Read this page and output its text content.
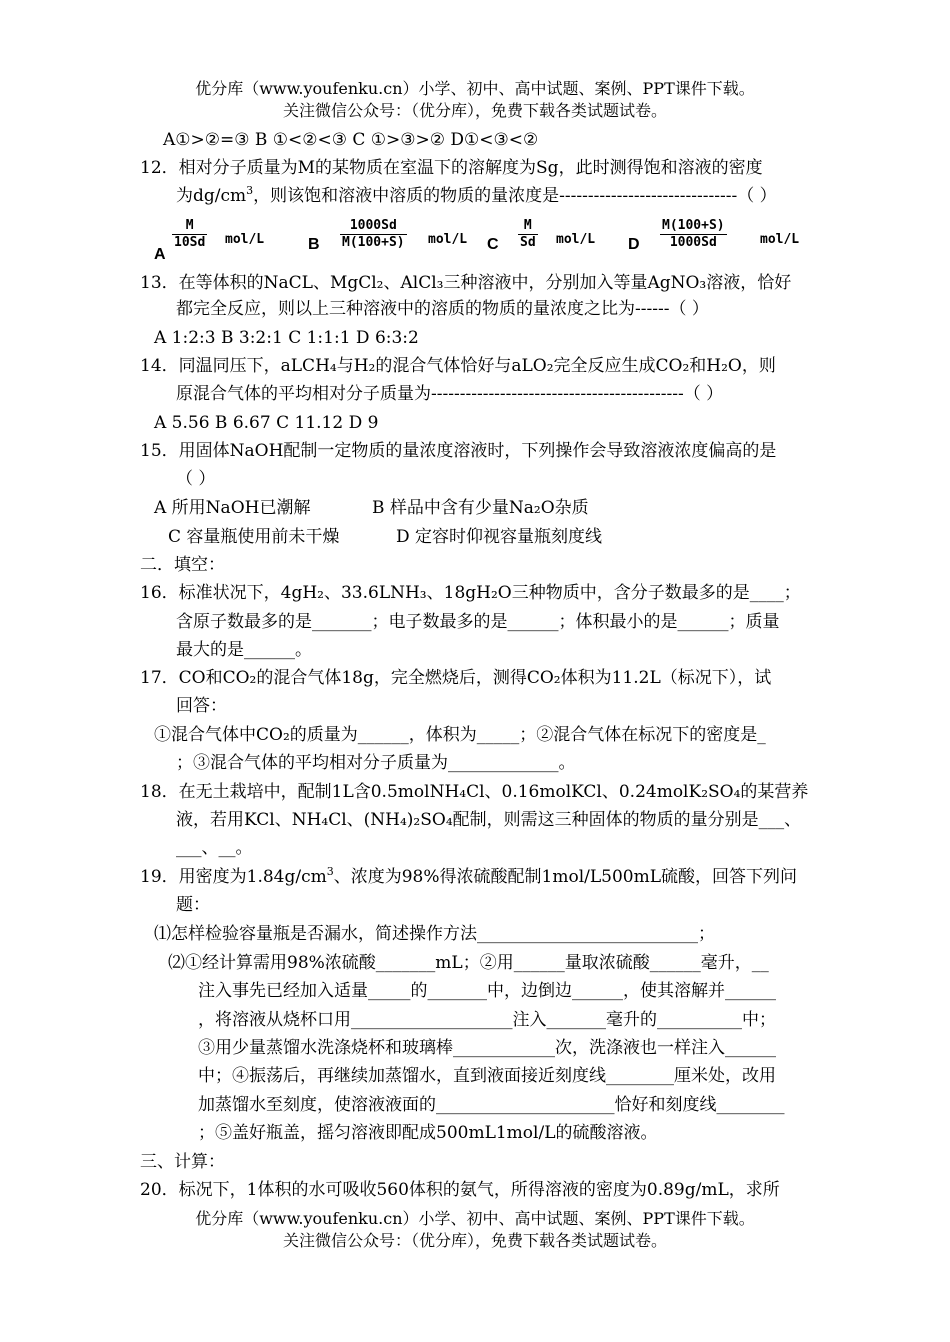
优分库（www.youfenku.cn）小学、初中、高中试题、案例、PPT课件下载。
关注微信公众号：（优分库），免费下载各类试题试卷。
A①>②=③ B ①<②<③ C ①>③>② D①<③<②
12．相对分子质量为M的某物质在室温下的溶解度为Sg，此时测得饱和溶液的密度
为$dg/cm^3$，则该饱和溶液中溶质的物质的量浓度是-------------------------------（ ）
A
$\frac{M}{10Sd} mol/L$	B $\frac{1000Sd}{M(100+S)} mol/L$ C $\frac{M}{Sd} mol/L$ D $\frac{M(100+S)}{1000Sd}$	mol/L
13．在等体积的NaCL、MgCl₂、AlCl₃三种溶液中，分别加入等量AgNO₃溶液，恰好
都完全反应，则以上三种溶液中的溶质的物质的量浓度之比为------（ ）
A 1:2:3 B 3:2:1 C 1:1:1 D 6:3:2
14．同温同压下，aLCH₄与H₂的混合气体恰好与aLO₂完全反应生成CO₂和H₂O，则
原混合气体的平均相对分子质量为--------------------------------------------（ ）
A 5.56 B 6.67 C 11.12 D 9
15．用固体NaOH配制一定物质的量浓度溶液时，下列操作会导致溶液浓度偏高的是
（ ）
A 所用NaOH已潮解	B 样品中含有少量Na₂O杂质
C 容量瓶使用前未干燥	D 定容时仰视容量瓶刻度线
二．填空：
16．标准状况下，4gH₂、33.6LNH₃、18gH₂O三种物质中，含分子数最多的是____；
含原子数最多的是_______；电子数最多的是______；体积最小的是______；质量
最大的是______。
17．CO和CO₂的混合气体18g，完全燃烧后，测得CO₂体积为11.2L（标况下），试
回答：
①混合气体中CO₂的质量为______，体积为_____；②混合气体在标况下的密度是_
；③混合气体的平均相对分子质量为_____________。
18．在无土栽培中，配制1L含0.5molNH₄Cl、0.16molKCl、0.24molK₂SO₄的某营养
液，若用KCl、NH₄Cl、(NH₄)₂SO₄配制，则需这三种固体的物质的量分别是___、
___、__。
19．用密度为$1.84g/cm^3$、浓度为98%得浓硫酸配制1mol/L500mL硫酸，回答下列问
题：
⑴怎样检验容量瓶是否漏水，简述操作方法__________________________；
⑵①经计算需用98%浓硫酸_______mL；②用______量取浓硫酸______毫升，__
注入事先已经加入适量_____的_______中，边倒边______，使其溶解并______
，将溶液从烧杯口用___________________注入_______毫升的__________中；
③用少量蒸馏水洗涤烧杯和玻璃棒____________次，洗涤液也一样注入______
中；④振荡后，再继续加蒸馏水，直到液面接近刻度线________厘米处，改用
加蒸馏水至刻度，使溶液液面的_____________________恰好和刻度线________
；⑤盖好瓶盖，摇匀溶液即配成500mL1mol/L的硫酸溶液。
三、计算：
20．标况下，1体积的水可吸收560体积的氨气，所得溶液的密度为0.89g/mL，求所
优分库（www.youfenku.cn）小学、初中、高中试题、案例、PPT课件下载。
关注微信公众号：（优分库），免费下载各类试题试卷。
